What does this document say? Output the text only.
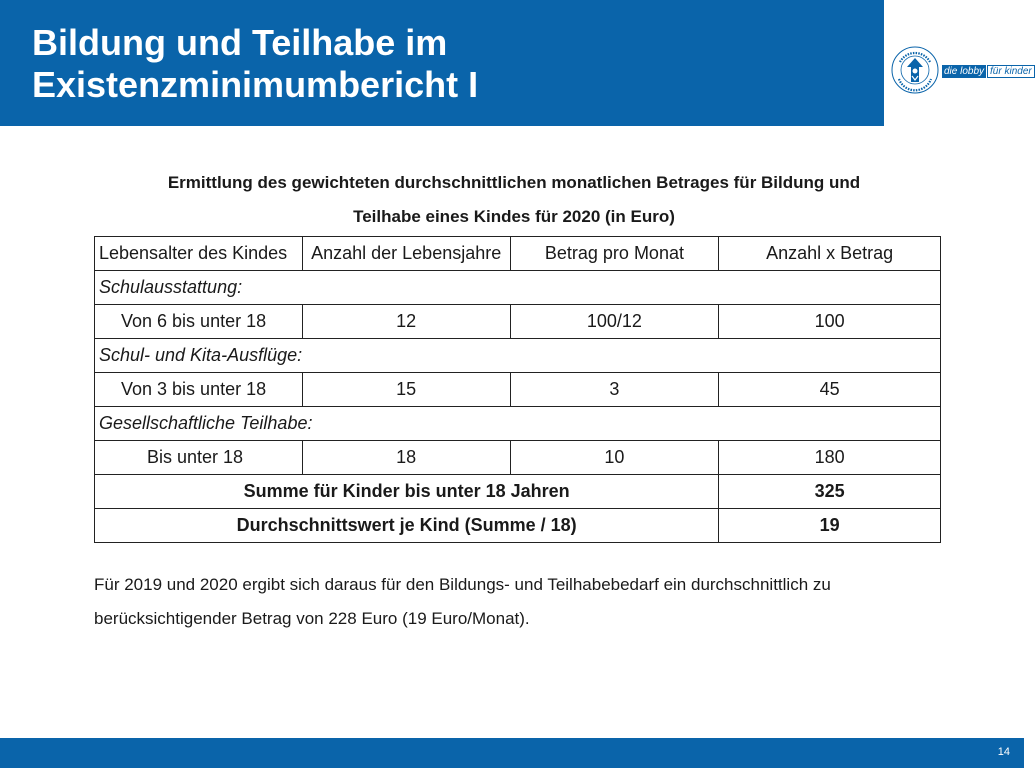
Bildung und Teilhabe im
Existenzminimumbericht I	die lobby für kinder
Ermittlung des gewichteten durchschnittlichen monatlichen Betrages für Bildung und
Teilhabe eines Kindes für 2020 (in Euro)
Lebensalter des Kindes	Anzahl der Lebensjahre	Betrag pro Monat	Anzahl x Betrag
Schulausstattung:			
Von 6 bis unter 18	12	100/12	100
Schul- und Kita-Ausflüge:			
Von 3 bis unter 18	15	3	45
Gesellschaftliche Teilhabe:			
Bis unter 18	18	10	180
Summe für Kinder bis unter 18 Jahren			325
Durchschnittswert je Kind (Summe / 18)			19
Für 2019 und 2020 ergibt sich daraus für den Bildungs- und Teilhabebedarf ein durchschnittlich zu
berücksichtigender Betrag von 228 Euro (19 Euro/Monat).
14
